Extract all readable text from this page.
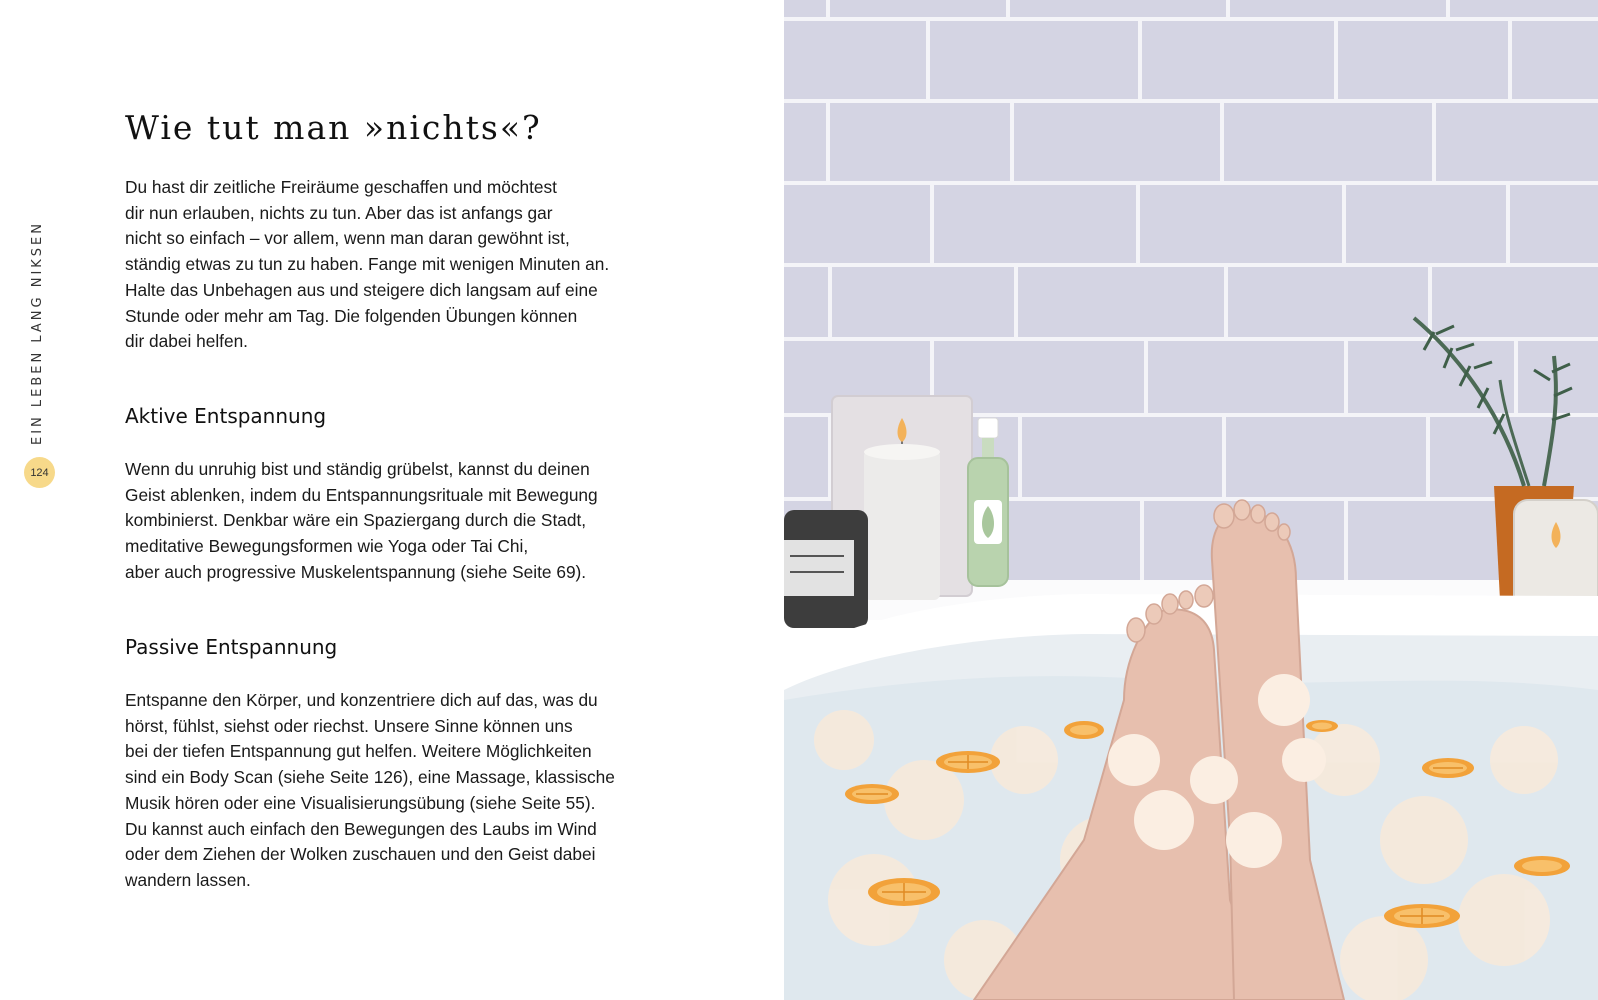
EIN LEBEN LANG NIKSEN
124
Wie tut man »nichts«?

Du hast dir zeitliche Freiräume geschaffen und möchtest
dir nun erlauben, nichts zu tun. Aber das ist anfangs gar
nicht so einfach – vor allem, wenn man daran gewöhnt ist,
ständig etwas zu tun zu haben. Fange mit wenigen Minuten an.
Halte das Unbehagen aus und steigere dich langsam auf eine
Stunde oder mehr am Tag. Die folgenden Übungen können
dir dabei helfen.

Aktive Entspannung

Wenn du unruhig bist und ständig grübelst, kannst du deinen
Geist ablenken, indem du Entspannungsrituale mit Bewegung
kombinierst. Denkbar wäre ein Spaziergang durch die Stadt,
meditative Bewegungsformen wie Yoga oder Tai Chi,
aber auch progressive Muskelentspannung (siehe Seite 69).

Passive Entspannung

Entspanne den Körper, und konzentriere dich auf das, was du
hörst, fühlst, siehst oder riechst. Unsere Sinne können uns
bei der tiefen Entspannung gut helfen. Weitere Möglichkeiten
sind ein Body Scan (siehe Seite 126), eine Massage, klassische
Musik hören oder eine Visualisierungsübung (siehe Seite 55).
Du kannst auch einfach den Bewegungen des Laubs im Wind
oder dem Ziehen der Wolken zuschauen und den Geist dabei
wandern lassen.
